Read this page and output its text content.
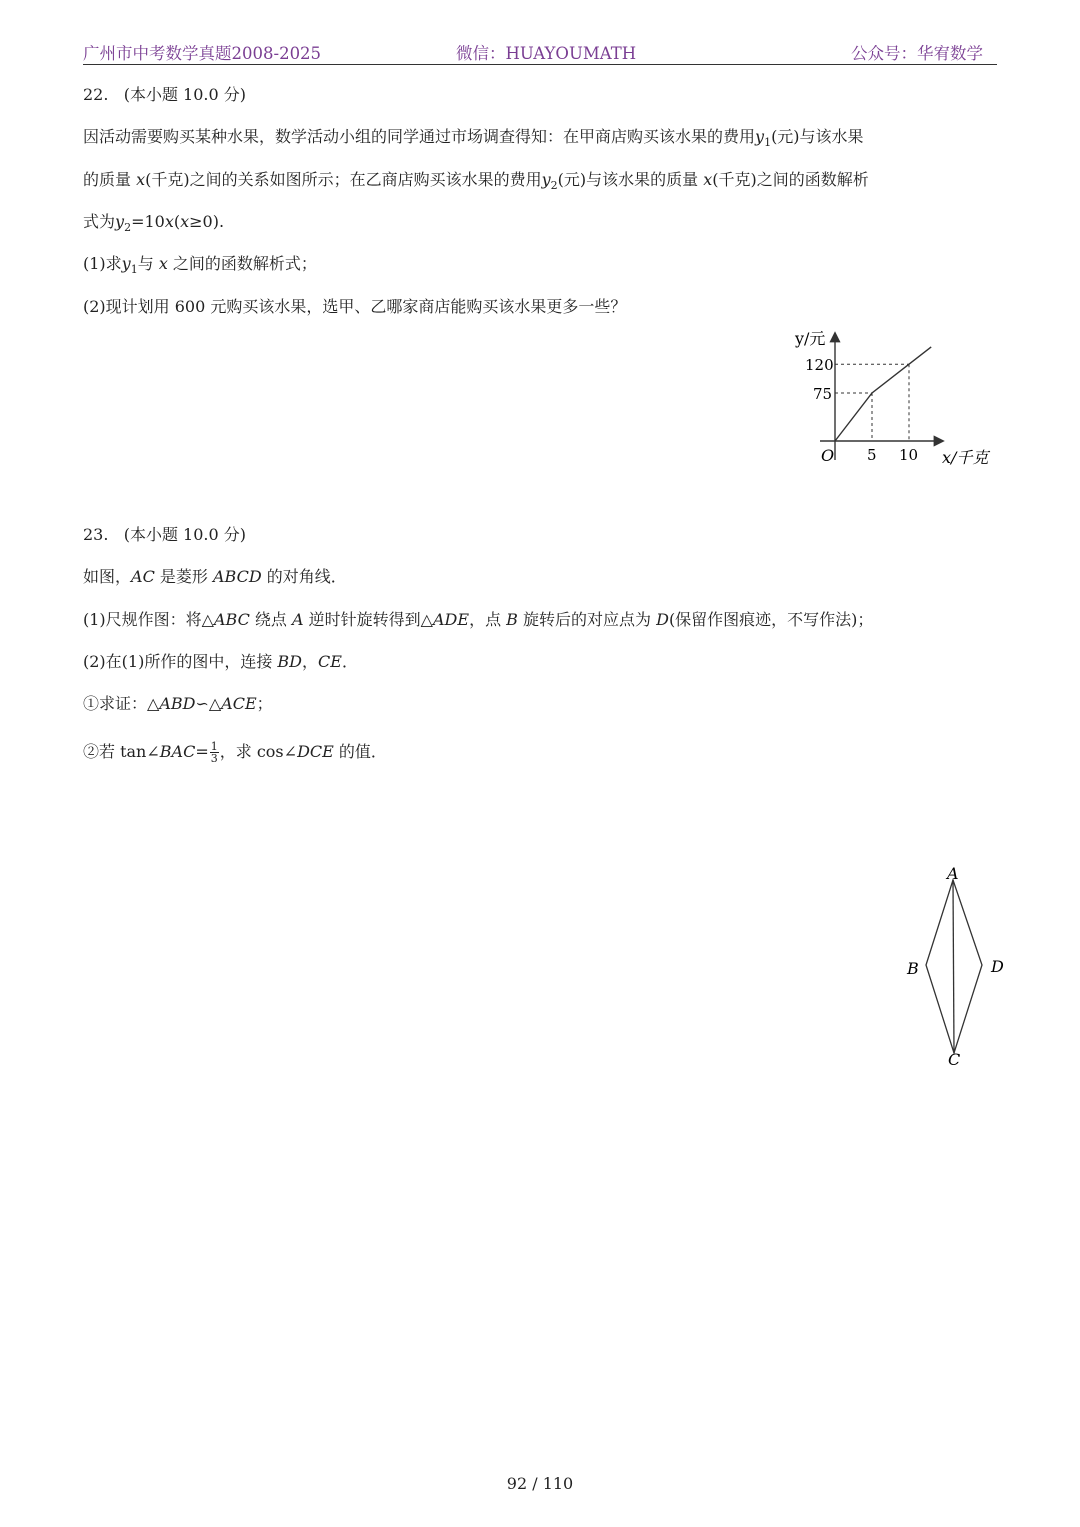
广州市中考数学真题2008-2025	微信：HUAYOUMATH	公众号：华宥数学
22. (本小题 10.0 分)
因活动需要购买某种水果，数学活动小组的同学通过市场调查得知：在甲商店购买该水果的费用$y_1$(元)与该水果
的质量 x(千克)之间的关系如图所示；在乙商店购买该水果的费用$y_2$(元)与该水果的质量 x(千克)之间的函数解析
式为$y_2=10x(x\ge 0)$.
(1)求$y_1$与 x 之间的函数解析式；
(2)现计划用 600 元购买该水果，选甲、乙哪家商店能购买该水果更多一些？
y/元
x/千克
O 5 10
75
120
23. (本小题 10.0 分)
如图，AC 是菱形 ABCD 的对角线．
(1)尺规作图：将△ABC 绕点 A 逆时针旋转得到△ADE，点 B 旋转后的对应点为 D(保留作图痕迹，不写作法)；
(2)在(1)所作的图中，连接 BD，CE．
①求证：△ABD∽△ACE；
②若 tan∠BAC= $\frac{1}{3}$ ，求 cos∠DCE 的值．
A
B
C
D
92 / 110
